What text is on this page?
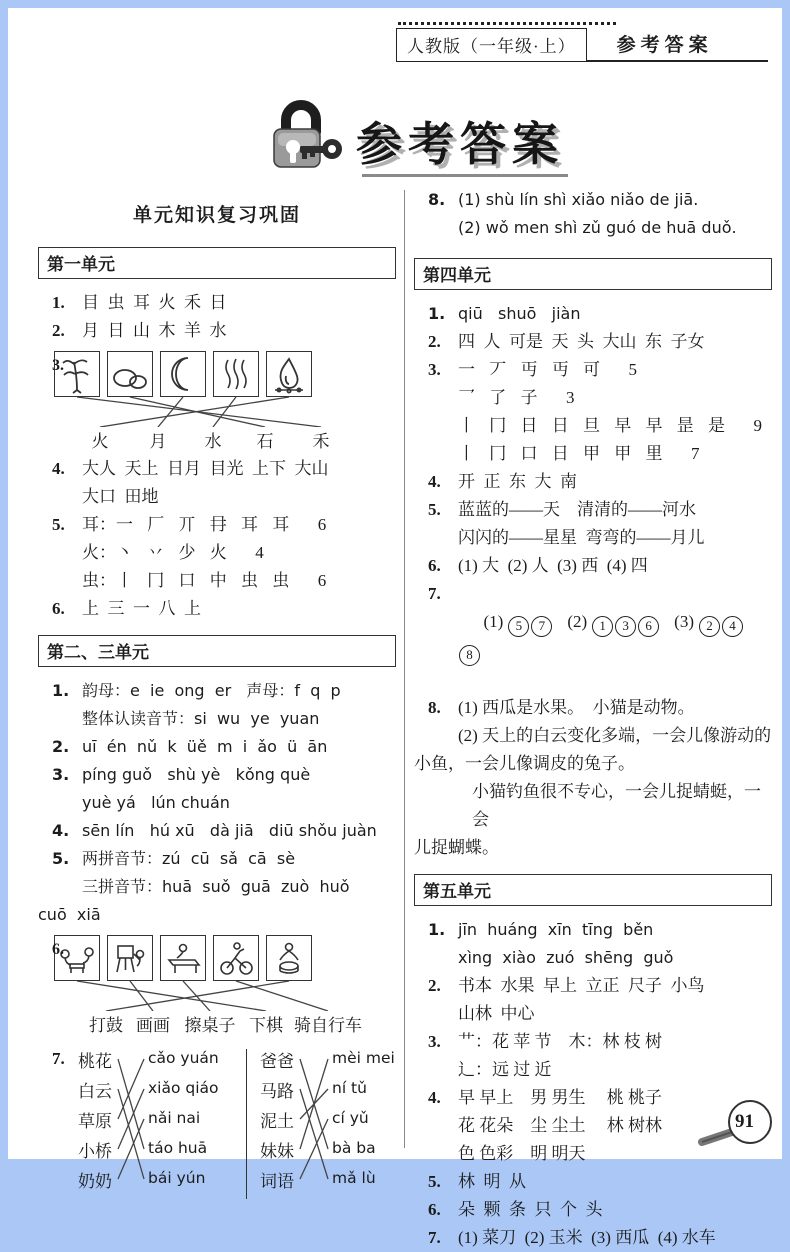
人教版（一年级·上）	参考答案
参考答案
单元知识复习巩固
第一单元
1. 目  虫  耳  火  禾  日
2. 月  日  山  木  羊  水
3.
火 月 水 石 禾
4. 大人  天上  日月  目光  上下  大山
大口  田地
5. 耳：一 厂 丌 冄 耳 耳  6
火：丶 丷 少 火  4
虫：丨 冂 口 中 虫 虫  6
6. 上  三  一  八  上
第二、三单元
1. 韵母：e  ie  ong  er   声母：f  q  p
整体认读音节：si  wu  ye  yuan
2. uī  én  nǔ  k  üě  m  i  ǎo  ü  ān
3. píng guǒ   shù yè   kǒng què
yuè yá   lún chuán
4. sēn lín   hú xū   dà jiā   diū shǒu juàn
5. 两拼音节：zú  cū  sǎ  cā  sè
三拼音节：huā  suǒ  guā  zuò  huǒ
cuō  xiā
6.
打鼓 画画 擦桌子 下棋 骑自行车
7. 桃花
白云
草原
小桥
奶奶
cǎo yuán
xiǎo qiáo
nǎi nai
táo huā
bái yún
爸爸
马路
泥土
妹妹
词语
mèi mei
ní tǔ
cí yǔ
bà ba
mǎ lù
8. (1) shù lín shì xiǎo niǎo de jiā.
(2) wǒ men shì zǔ guó de huā duǒ.
第四单元
1. qiū   shuō   jiàn
2. 四  人  可是  天  头  大山  东  子女
3. 一 丆 丏 丏 可  5
乛 了 子  3
丨 冂 日 日 旦 早 早 昰 是  9
丨 冂 口 日 甲 甲 里  7
4. 开  正  东  大  南
5. 蓝蓝的——天    清清的——河水
闪闪的——星星  弯弯的——月儿
6. (1) 大  (2) 人  (3) 西  (4) 四

7.
(1) 5 7 (2) 1 3 6 (3) 2 48

8. (1) 西瓜是水果。  小猫是动物。
(2) 天上的白云变化多端，一会儿像游动的
小鱼，一会儿像调皮的兔子。
小猫钓鱼很不专心，一会儿捉蜻蜓，一会
儿捉蝴蝶。
第五单元
1. jīn  huáng  xīn  tīng  běn
xìng  xiào  zuó  shēng  guǒ
2. 书本  水果  早上  立正  尺子  小鸟
山林  中心
3. 艹：花 苹 节    木：林 枝 树
辶：远 过 近
4. 早 早上    男 男生     桃 桃子
花 花朵    尘 尘土     林 树林
色 色彩    明 明天
5. 林  明  从
6. 朵  颗  条  只  个  头
7. (1) 菜刀  (2) 玉米  (3) 西瓜  (4) 水车
91
